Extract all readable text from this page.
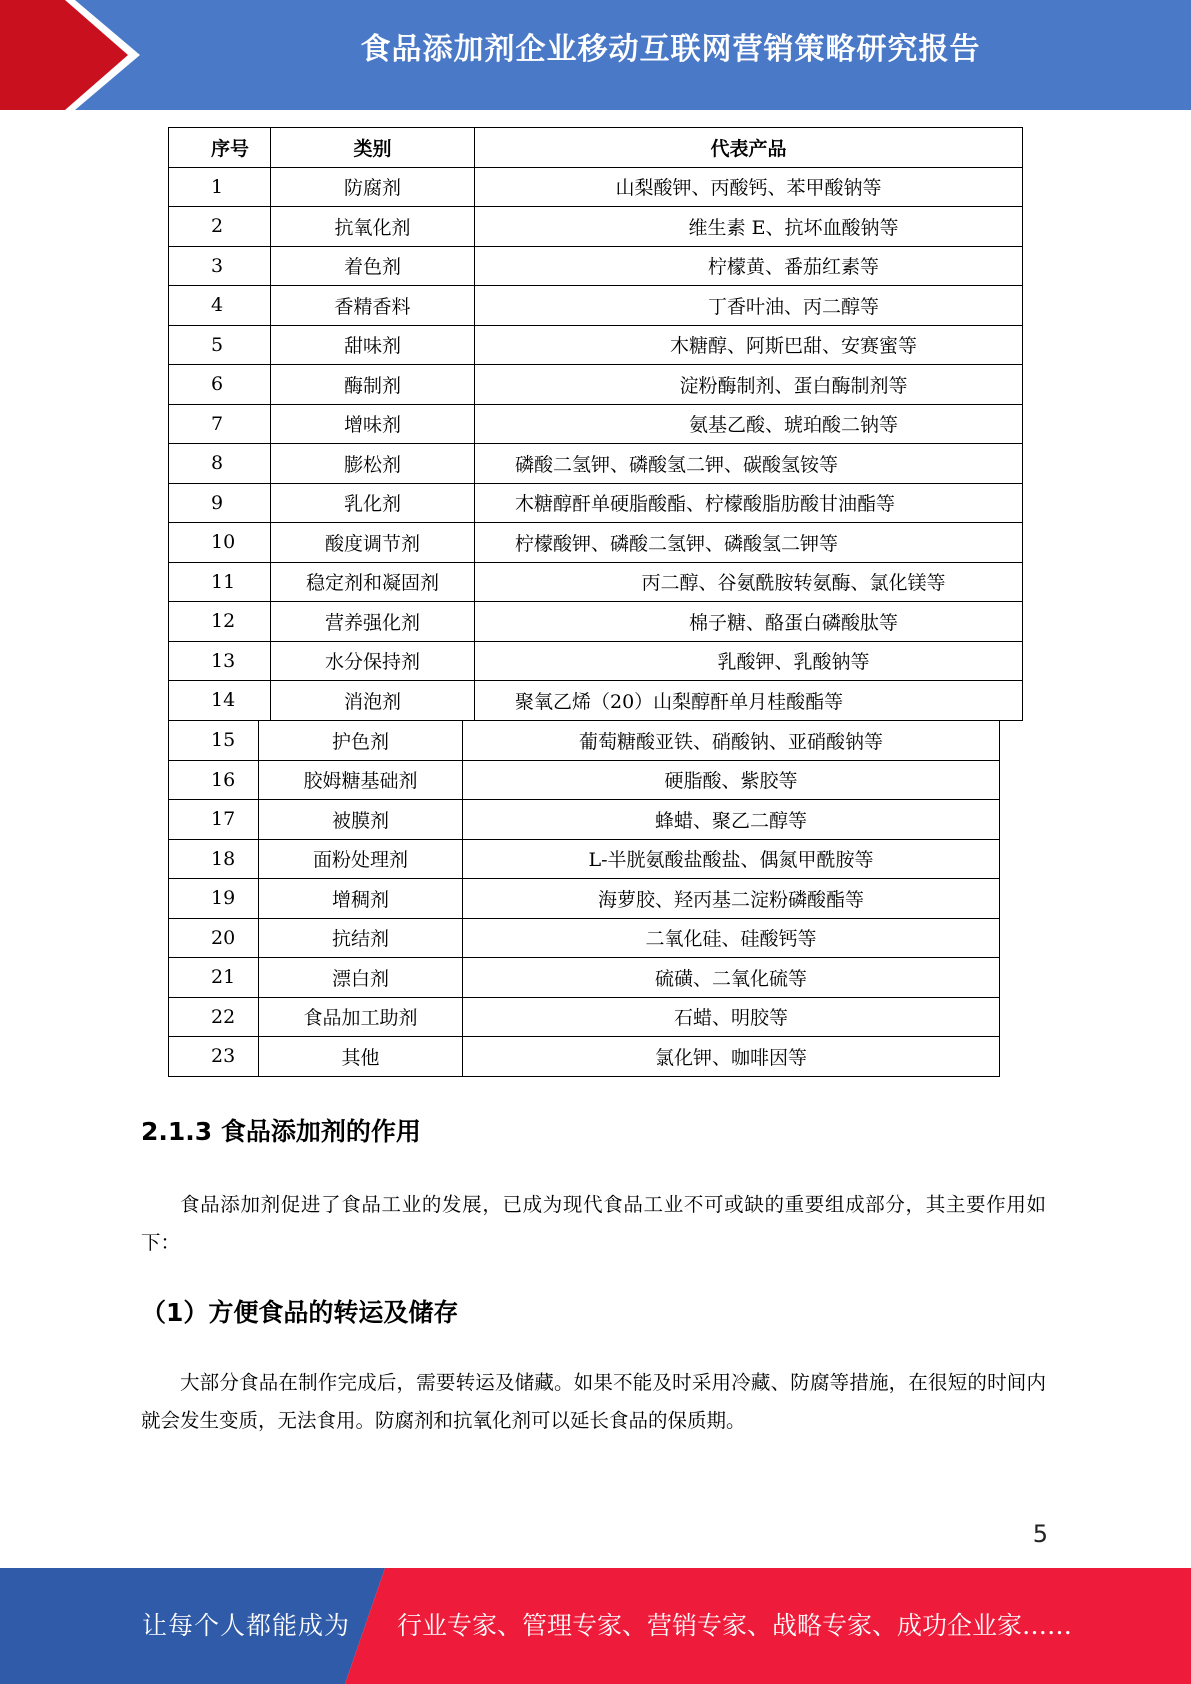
食品添加剂企业移动互联网营销策略研究报告
序号	类别	代表产品
1	防腐剂	山梨酸钾、丙酸钙、苯甲酸钠等
2	抗氧化剂	维生素 E、抗坏血酸钠等
3	着色剂	柠檬黄、番茄红素等
4	香精香料	丁香叶油、丙二醇等
5	甜味剂	木糖醇、阿斯巴甜、安赛蜜等
6	酶制剂	淀粉酶制剂、蛋白酶制剂等
7	增味剂	氨基乙酸、琥珀酸二钠等
8	膨松剂	磷酸二氢钾、磷酸氢二钾、碳酸氢铵等
9	乳化剂	木糖醇酐单硬脂酸酯、柠檬酸脂肪酸甘油酯等
10	酸度调节剂	柠檬酸钾、磷酸二氢钾、磷酸氢二钾等
11	稳定剂和凝固剂	丙二醇、谷氨酰胺转氨酶、氯化镁等
12	营养强化剂	棉子糖、酪蛋白磷酸肽等
13	水分保持剂	乳酸钾、乳酸钠等
14	消泡剂	聚氧乙烯（20）山梨醇酐单月桂酸酯等
15	护色剂	葡萄糖酸亚铁、硝酸钠、亚硝酸钠等
16	胶姆糖基础剂	硬脂酸、紫胶等
17	被膜剂	蜂蜡、聚乙二醇等
18	面粉处理剂	L-半胱氨酸盐酸盐、偶氮甲酰胺等
19	增稠剂	海萝胶、羟丙基二淀粉磷酸酯等
20	抗结剂	二氧化硅、硅酸钙等
21	漂白剂	硫磺、二氧化硫等
22	食品加工助剂	石蜡、明胶等
23	其他	氯化钾、咖啡因等
2.1.3 食品添加剂的作用
食品添加剂促进了食品工业的发展，已成为现代食品工业不可或缺的重要组成部分，其主要作用如下：
（1）方便食品的转运及储存
大部分食品在制作完成后，需要转运及储藏。如果不能及时采用冷藏、防腐等措施，在很短的时间内就会发生变质，无法食用。防腐剂和抗氧化剂可以延长食品的保质期。
5
让每个人都能成为 行业专家、管理专家、营销专家、战略专家、成功企业家……
